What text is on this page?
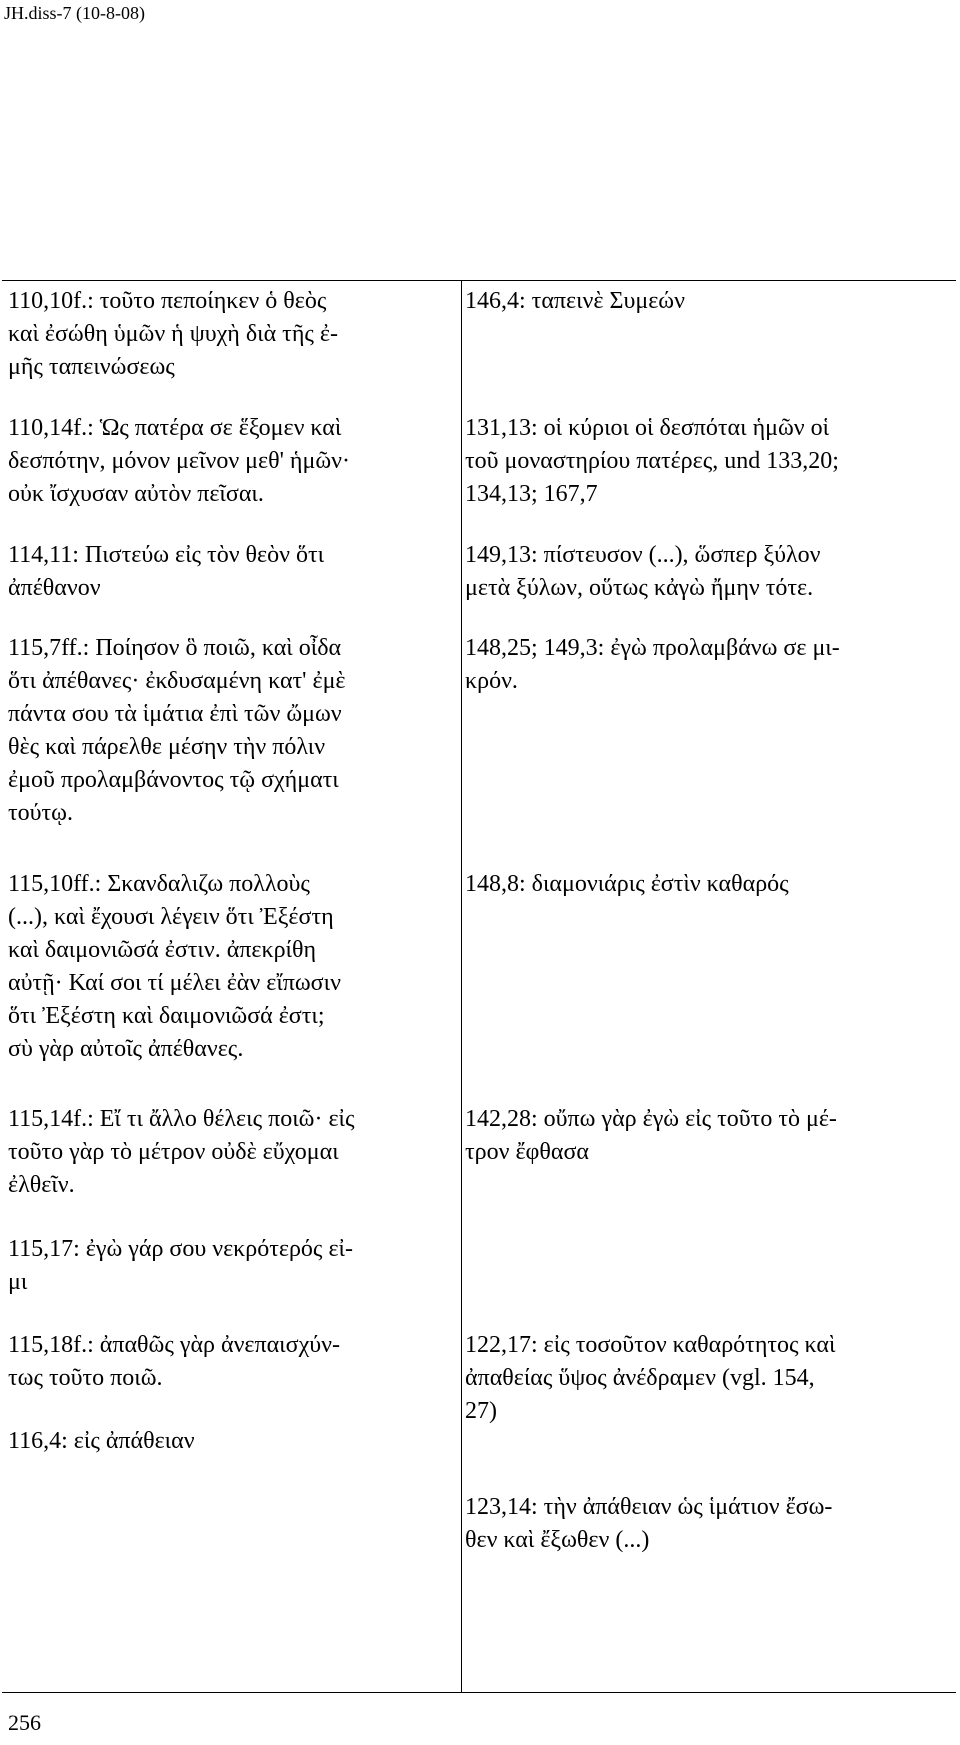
JH.diss-7 (10-8-08)
110,10f.: τοῦτο πεποίηκεν ὁ θεὸς
καὶ ἐσώθη ὑμῶν ἡ ψυχὴ διὰ τῆς ἐ-
μῆς ταπεινώσεως
146,4: ταπεινὲ Συμεών
110,14f.: Ὡς πατέρα σε ἕξομεν καὶ
δεσπότην, μόνον μεῖνον μεθ' ἡμῶν·
οὐκ ἴσχυσαν αὐτὸν πεῖσαι.
131,13: οἱ κύριοι οἱ δεσπόται ἡμῶν οἱ
τοῦ μοναστηρίου πατέρες, und 133,20;
134,13; 167,7
114,11: Πιστεύω εἰς τὸν θεὸν ὅτι
ἀπέθανον
149,13: πίστευσον (...), ὥσπερ ξύλον
μετὰ ξύλων, οὕτως κἀγὼ ἤμην τότε.
115,7ff.: Ποίησον ὃ ποιῶ, καὶ οἶδα
ὅτι ἀπέθανες· ἐκδυσαμένη κατ' ἐμὲ
πάντα σου τὰ ἱμάτια ἐπὶ τῶν ὤμων
θὲς καὶ πάρελθε μέσην τὴν πόλιν
ἐμοῦ προλαμβάνοντος τῷ σχήματι
τούτῳ.
148,25; 149,3: ἐγὼ προλαμβάνω σε μι-
κρόν.
115,10ff.: Σκανδαλιζω πολλοὺς
(...), καὶ ἔχουσι λέγειν ὅτι Ἐξέστη
καὶ δαιμονιῶσά ἐστιν. ἀπεκρίθη
αὐτῇ· Καί σοι τί μέλει ἐὰν εἴπωσιν
ὅτι Ἐξέστη καὶ δαιμονιῶσά ἐστι;
σὺ γὰρ αὐτοῖς ἀπέθανες.
148,8: διαμονιάρις ἐστὶν καθαρός
115,14f.: Εἴ τι ἄλλο θέλεις ποιῶ· εἰς
τοῦτο γὰρ τὸ μέτρον οὐδὲ εὔχομαι
ἐλθεῖν.
142,28: οὔπω γὰρ ἐγὼ εἰς τοῦτο τὸ μέ-
τρον ἔφθασα
115,17: ἐγὼ γάρ σου νεκρότερός εἰ-
μι
115,18f.: ἀπαθῶς γὰρ ἀνεπαισχύν-
τως τοῦτο ποιῶ.
122,17: εἰς τοσοῦτον καθαρότητος καὶ
ἀπαθείας ὕψος ἀνέδραμεν (vgl. 154,
27)
116,4: εἰς ἀπάθειαν
123,14: τὴν ἀπάθειαν ὡς ἱμάτιον ἔσω-
θεν καὶ ἔξωθεν (...)
256
